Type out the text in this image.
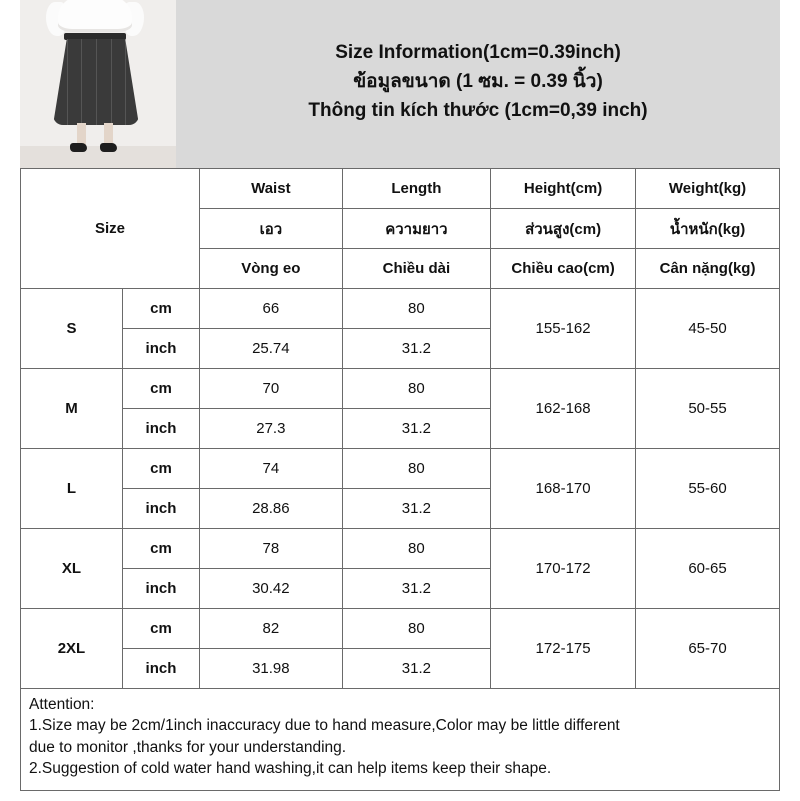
Size Information(1cm=0.39inch)
ข้อมูลขนาด (1 ซม. = 0.39 นิ้ว)
Thông tin kích thước (1cm=0,39 inch)
Size		Waist	Length	Height(cm)	Weight(kg)
		เอว	ความยาว	ส่วนสูง(cm)	น้ำหนัก(kg)
		Vòng eo	Chiều dài	Chiều cao(cm)	Cân nặng(kg)
S	cm	66	80	155-162	45-50
	inch	25.74	31.2		
M	cm	70	80	162-168	50-55
	inch	27.3	31.2		
L	cm	74	80	168-170	55-60
	inch	28.86	31.2		
XL	cm	78	80	170-172	60-65
	inch	30.42	31.2		
2XL	cm	82	80	172-175	65-70
	inch	31.98	31.2		

Attention:

1.Size may be 2cm/1inch inaccuracy due to hand measure,Color may be little different

due to monitor ,thanks for your understanding.

2.Suggestion of cold water hand washing,it can help items keep their shape.
